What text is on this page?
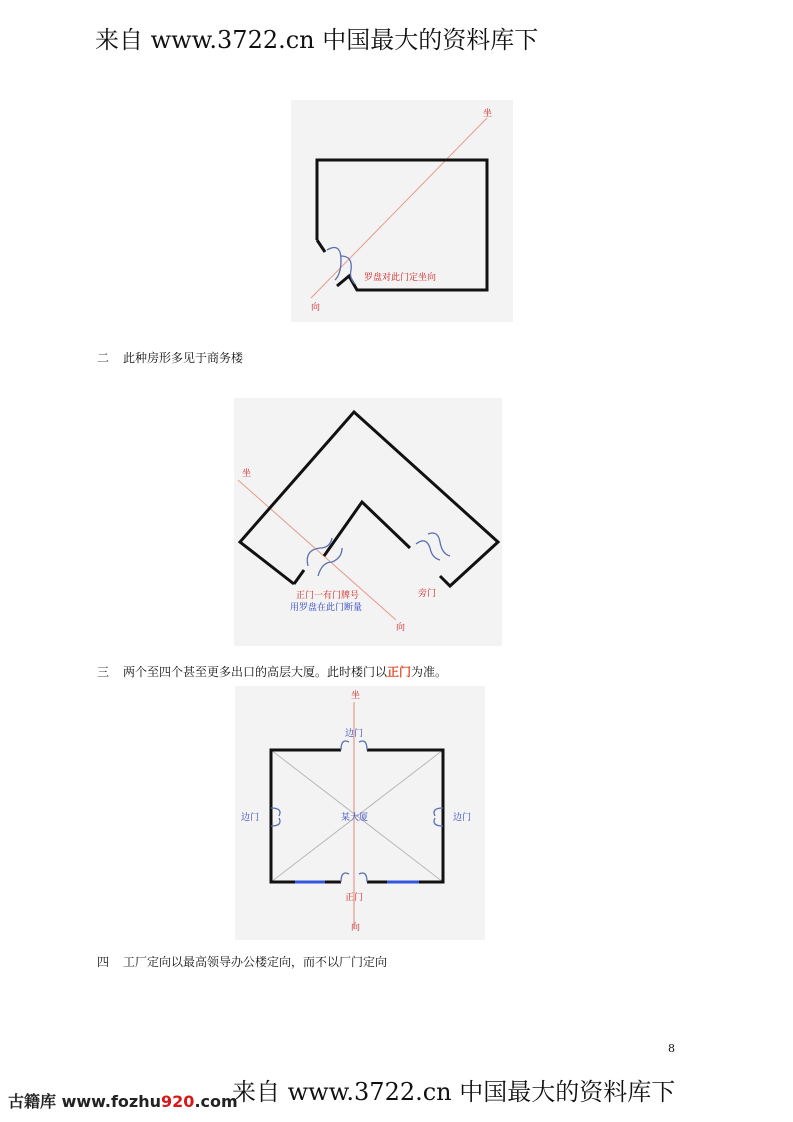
来自 www.3722.cn 中国最大的资料库下
坐
向
罗盘对此门定坐向
二 此种房形多见于商务楼
坐
向
正门一有门牌号
用罗盘在此门断量
旁门
三 两个至四个甚至更多出口的高层大厦。此时楼门以正门为准。
坐
边门
边门	边门
某大厦
正门
向
四 工厂定向以最高领导办公楼定向，而不以厂门定向
8
古籍库 www.fozhu920.com
来自 www.3722.cn 中国最大的资料库下
